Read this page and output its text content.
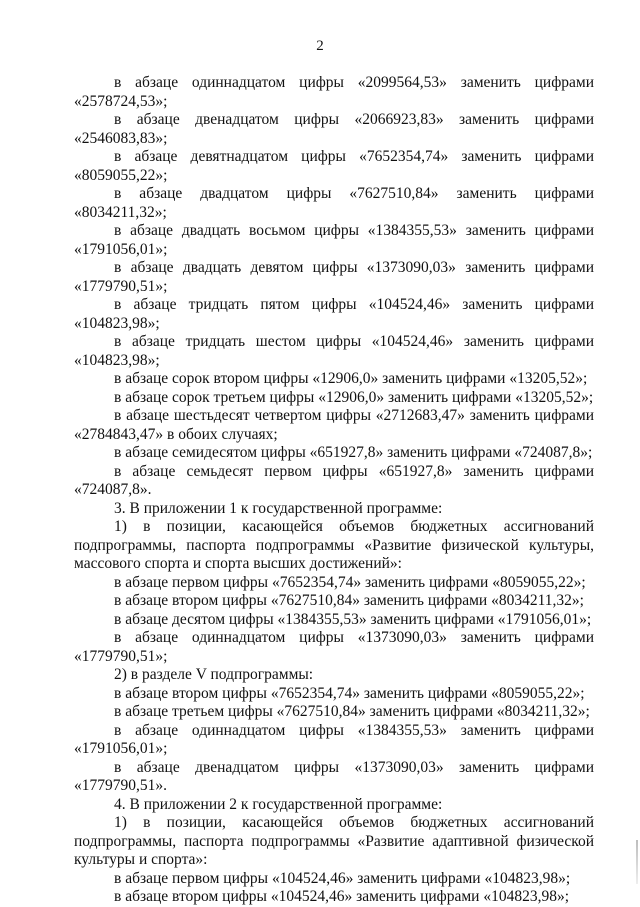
2

в абзаце одиннадцатом цифры «2099564,53» заменить цифрами «2578724,53»;

в абзаце двенадцатом цифры «2066923,83» заменить цифрами «2546083,83»;

в абзаце девятнадцатом цифры «7652354,74» заменить цифрами «8059055,22»;

в абзаце двадцатом цифры «7627510,84» заменить цифрами «8034211,32»;

в абзаце двадцать восьмом цифры «1384355,53» заменить цифрами «1791056,01»;

в абзаце двадцать девятом цифры «1373090,03» заменить цифрами «1779790,51»;

в абзаце тридцать пятом цифры «104524,46» заменить цифрами «104823,98»;

в абзаце тридцать шестом цифры «104524,46» заменить цифрами «104823,98»;

в абзаце сорок втором цифры «12906,0» заменить цифрами «13205,52»;

в абзаце сорок третьем цифры «12906,0» заменить цифрами «13205,52»;

в абзаце шестьдесят четвертом цифры «2712683,47» заменить цифрами «2784843,47» в обоих случаях;

в абзаце семидесятом цифры «651927,8» заменить цифрами «724087,8»;

в абзаце семьдесят первом цифры «651927,8» заменить цифрами «724087,8».

3. В приложении 1 к государственной программе:

1) в позиции, касающейся объемов бюджетных ассигнований подпрограммы, паспорта подпрограммы «Развитие физической культуры, массового спорта и спорта высших достижений»:

в абзаце первом цифры «7652354,74» заменить цифрами «8059055,22»;

в абзаце втором цифры «7627510,84» заменить цифрами «8034211,32»;

в абзаце десятом цифры «1384355,53» заменить цифрами «1791056,01»;

в абзаце одиннадцатом цифры «1373090,03» заменить цифрами «1779790,51»;

2) в разделе V подпрограммы:

в абзаце втором цифры «7652354,74» заменить цифрами «8059055,22»;

в абзаце третьем цифры «7627510,84» заменить цифрами «8034211,32»;

в абзаце одиннадцатом цифры «1384355,53» заменить цифрами «1791056,01»;

в абзаце двенадцатом цифры «1373090,03» заменить цифрами «1779790,51».

4. В приложении 2 к государственной программе:

1) в позиции, касающейся объемов бюджетных ассигнований подпрограммы, паспорта подпрограммы «Развитие адаптивной физической культуры и спорта»:

в абзаце первом цифры «104524,46» заменить цифрами «104823,98»;

в абзаце втором цифры «104524,46» заменить цифрами «104823,98»;
